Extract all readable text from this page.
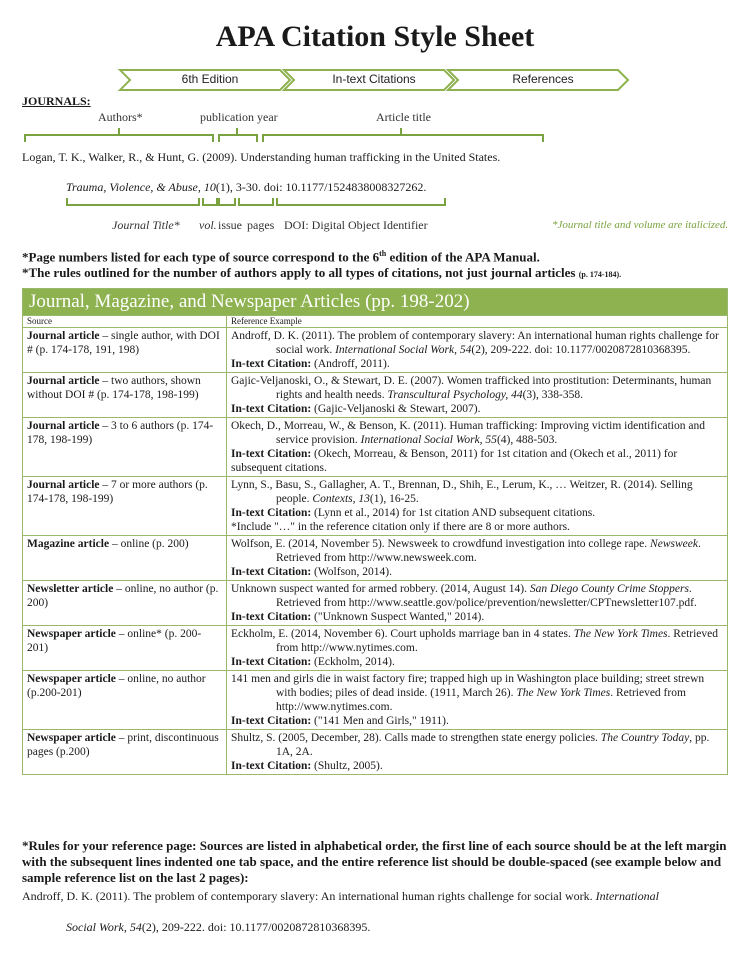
APA Citation Style Sheet
6th Edition	In-text Citations	References
JOURNALS:
Authors*	publication year	Article title
Logan, T. K., Walker, R., & Hunt, G. (2009). Understanding human trafficking in the United States.
Trauma, Violence, & Abuse, 10(1), 3-30. doi: 10.1177/1524838008327262.
Journal Title* vol. issue pages DOI: Digital Object Identifier	*Journal title and volume are italicized.
*Page numbers listed for each type of source correspond to the 6th edition of the APA Manual.
*The rules outlined for the number of authors apply to all types of citations, not just journal articles (p. 174-184).
Journal, Magazine, and Newspaper Articles (pp. 198-202)	
Source	Reference Example
Journal article – single author, with DOI # (p. 174-178, 191, 198)	Androff, D. K. (2011). The problem of contemporary slavery: An international human rights challenge for social work. International Social Work, 54(2), 209-222. doi: 10.1177/0020872810368395.
In-text Citation: (Androff, 2011).

Journal article – two authors, shown without DOI # (p. 174-178, 198-199)	Gajic-Veljanoski, O., & Stewart, D. E. (2007). Women trafficked into prostitution: Determinants, human rights and health needs. Transcultural Psychology, 44(3), 338-358.
In-text Citation: (Gajic-Veljanoski & Stewart, 2007).

Journal article – 3 to 6 authors (p. 174-178, 198-199)	Okech, D., Morreau, W., & Benson, K. (2011). Human trafficking: Improving victim identification and service provision. International Social Work, 55(4), 488-503.
In-text Citation: (Okech, Morreau, & Benson, 2011) for 1st citation and (Okech et al., 2011) for subsequent citations.

Journal article – 7 or more authors (p. 174-178, 198-199)	Lynn, S., Basu, S., Gallagher, A. T., Brennan, D., Shih, E., Lerum, K., … Weitzer, R. (2014). Selling people. Contexts, 13(1), 16-25.
In-text Citation: (Lynn et al., 2014) for 1st citation AND subsequent citations.
*Include "…" in the reference citation only if there are 8 or more authors.

Magazine article – online (p. 200)	Wolfson, E. (2014, November 5). Newsweek to crowdfund investigation into college rape. Newsweek. Retrieved from http://www.newsweek.com.
In-text Citation: (Wolfson, 2014).

Newsletter article – online, no author (p. 200)	Unknown suspect wanted for armed robbery. (2014, August 14). San Diego County Crime Stoppers. Retrieved from http://www.seattle.gov/police/prevention/newsletter/CPTnewsletter107.pdf.
In-text Citation: ("Unknown Suspect Wanted," 2014).

Newspaper article – online* (p. 200-201)	Eckholm, E. (2014, November 6). Court upholds marriage ban in 4 states. The New York Times. Retrieved from http://www.nytimes.com.
In-text Citation: (Eckholm, 2014).

Newspaper article – online, no author (p.200-201)	141 men and girls die in waist factory fire; trapped high up in Washington place building; street strewn with bodies; piles of dead inside. (1911, March 26). The New York Times. Retrieved from http://www.nytimes.com.
In-text Citation: ("141 Men and Girls," 1911).

Newspaper article – print, discontinuous pages (p.200)	Shultz, S. (2005, December, 28). Calls made to strengthen state energy policies. The Country Today, pp. 1A, 2A.
In-text Citation: (Shultz, 2005).
*Rules for your reference page: Sources are listed in alphabetical order, the first line of each source should be at the left margin with the subsequent lines indented one tab space, and the entire reference list should be double-spaced (see example below and sample reference list on the last 2 pages):
Androff, D. K. (2011). The problem of contemporary slavery: An international human rights challenge for social work. International
Social Work, 54(2), 209-222. doi: 10.1177/0020872810368395.
